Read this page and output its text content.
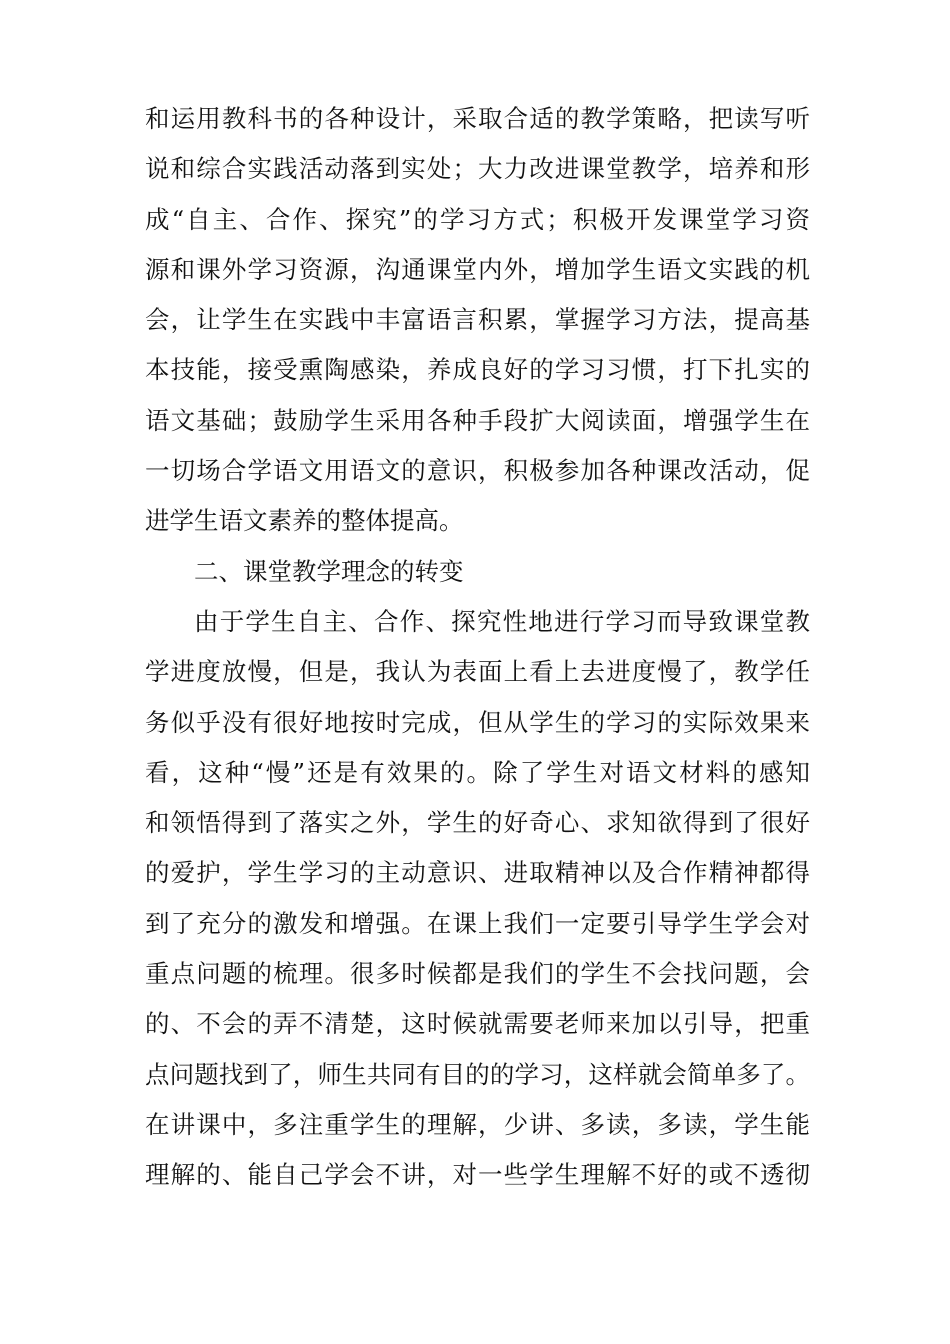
和运用教科书的各种设计，采取合适的教学策略，把读写听
说和综合实践活动落到实处；大力改进课堂教学，培养和形
成“自主、合作、探究”的学习方式；积极开发课堂学习资
源和课外学习资源，沟通课堂内外，增加学生语文实践的机
会，让学生在实践中丰富语言积累，掌握学习方法，提高基
本技能，接受熏陶感染，养成良好的学习习惯，打下扎实的
语文基础；鼓励学生采用各种手段扩大阅读面，增强学生在
一切场合学语文用语文的意识，积极参加各种课改活动，促
进学生语文素养的整体提高。
二、课堂教学理念的转变
由于学生自主、合作、探究性地进行学习而导致课堂教
学进度放慢，但是，我认为表面上看上去进度慢了，教学任
务似乎没有很好地按时完成，但从学生的学习的实际效果来
看，这种“慢”还是有效果的。除了学生对语文材料的感知
和领悟得到了落实之外，学生的好奇心、求知欲得到了很好
的爱护，学生学习的主动意识、进取精神以及合作精神都得
到了充分的激发和增强。在课上我们一定要引导学生学会对
重点问题的梳理。很多时候都是我们的学生不会找问题，会
的、不会的弄不清楚，这时候就需要老师来加以引导，把重
点问题找到了，师生共同有目的的学习，这样就会简单多了。
在讲课中，多注重学生的理解，少讲、多读，多读，学生能
理解的、能自己学会不讲，对一些学生理解不好的或不透彻
